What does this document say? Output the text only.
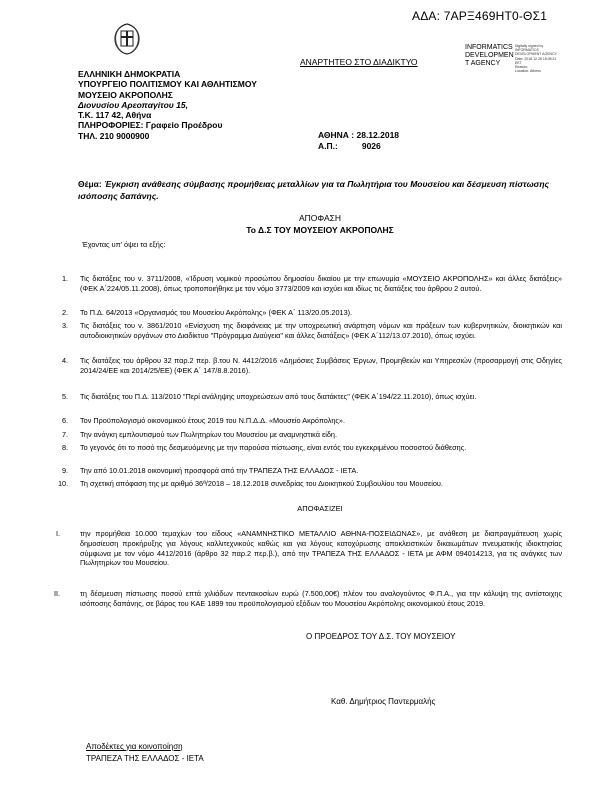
ΑΔΑ: 7ΑΡΞ469ΗΤ0-ΘΣ1
INFORMATICS
DEVELOPMEN
T AGENCY
Digitally signed by
INFORMATICS
DEVELOPMENT AGENCY
Date: 2018.12.28 15:08:21
EET
Reason:
Location: Athens
ΑΝΑΡΤΗΤΕΟ ΣΤΟ ΔΙΑΔΙΚΤΥΟ
ΕΛΛΗΝΙΚΗ ΔΗΜΟΚΡΑΤΙΑ
ΥΠΟΥΡΓΕΙΟ ΠΟΛΙΤΙΣΜΟΥ ΚΑΙ ΑΘΛΗΤΙΣΜΟΥ
ΜΟΥΣΕΙΟ ΑΚΡΟΠΟΛΗΣ
Διονυσίου Αρεοπαγίτου 15,
Τ.Κ. 117 42, Αθήνα
ΠΛΗΡΟΦΟΡΙΕΣ: Γραφείο Προέδρου
ΤΗΛ. 210 9000900	ΑΘΗΝΑ : 28.12.2018
Α.Π.:	9026
Θέμα: Έγκριση ανάθεσης σύμβασης προμήθειας μεταλλίων για τα Πωλητήρια του Μουσείου και δέσμευση πίστωσης ισόποσης δαπάνης.
ΑΠΟΦΑΣΗ
Το Δ.Σ ΤΟΥ ΜΟΥΣΕΙΟΥ ΑΚΡΟΠΟΛΗΣ
Έχοντας υπ' όψει τα εξής:
1. Τις διατάξεις του ν. 3711/2008, «Ίδρυση νομικού προσώπου δημοσίου δικαίου με την επωνυμία «ΜΟΥΣΕΙΟ ΑΚΡΟΠΟΛΗΣ» και άλλες διατάξεις» (ΦΕΚ Α΄224/05.11.2008), όπως τροποποιήθηκε με τον νόμο 3773/2009 και ισχύει και ιδίως τις διατάξεις του άρθρου 2 αυτού.
2. Το Π.Δ. 64/2013 «Οργανισμός του Μουσείου Ακρόπολης» (ΦΕΚ Α΄ 113/20.05.2013).
3. Τις διατάξεις του ν. 3861/2010 «Ενίσχυση της διαφάνειας με την υποχρεωτική ανάρτηση νόμων και πράξεων των κυβερνητικών, διοικητικών και αυτοδιοικητικών οργάνων στο Διαδίκτυο "Πρόγραμμα Διαύγεια" και άλλες διατάξεις» (ΦΕΚ Α΄112/13.07.2010), όπως ισχύει.
4. Τις διατάξεις του άρθρου 32 παρ.2 περ. β.του Ν. 4412/2016 «Δημόσιες Συμβάσεις Έργων, Προμηθειών και Υπηρεσιών (προσαρμογή στις Οδηγίες 2014/24/ΕΕ και 2014/25/ΕΕ) (ΦΕΚ Α΄ 147/8.8.2016).
5. Τις διατάξεις του Π.Δ. 113/2010 "Περί ανάληψης υποχρεώσεων από τους διατάκτες" (ΦΕΚ Α΄194/22.11.2010), όπως ισχύει.
6. Τον Προϋπολογισμό οικονομικού έτους 2019 του Ν.Π.Δ.Δ. «Μουσείο Ακρόπολης».
7. Την ανάγκη εμπλουτισμού των Πωλητηρίων του Μουσείου με αναμνηστικά είδη.
8. Το γεγονός ότι το ποσό της δεσμευόμενης με την παρούσα πίστωσης, είναι εντός του εγκεκριμένου ποσοστού διάθεσης.
9. Την από 10.01.2018 οικονομική προσφορά από την ΤΡΑΠΕΖΑ ΤΗΣ ΕΛΛΑΔΟΣ - ΙΕΤΑ.
10. Τη σχετική απόφαση της με αριθμό 36ª/2018 – 18.12.2018 συνεδρίας του Διοικητικού Συμβουλίου του Μουσείου.
ΑΠΟΦΑΣΙΖΕΙ
I.	την προμήθεια 10.000 τεμαχίων του είδους «ΑΝΑΜΝΗΣΤΙΚΟ ΜΕΤΑΛΛΙΟ ΑΘΗΝΑ-ΠΟΣΕΙΔΩΝΑΣ», με ανάθεση με διαπραγμάτευση χωρίς δημοσίευση προκήρυξης για λόγους καλλιτεχνικούς καθώς και για λόγους κατοχύρωσης αποκλειστικών δικαιωμάτων πνευματικής ιδιοκτησίας σύμφωνα με τον νόμο 4412/2016 (άρθρο 32 παρ.2 περ.β.), από την ΤΡΑΠΕΖΑ ΤΗΣ ΕΛΛΑΔΟΣ - ΙΕΤΑ με ΑΦΜ 094014213, για τις ανάγκες των Πωλητηρίων του Μουσείου.
II.	τη δέσμευση πίστωσης ποσού επτά χιλιάδων πεντακοσίων ευρώ (7.500,00€) πλέον του αναλογούντος Φ.Π.Α., για την κάλυψη της αντίστοιχης ισόποσης δαπάνης, σε βάρος του ΚΑΕ 1899 του προϋπολογισμού εξόδων του Μουσείου Ακρόπολης οικονομικού έτους 2019.
Ο ΠΡΟΕΔΡΟΣ ΤΟΥ Δ.Σ. ΤΟΥ ΜΟΥΣΕΙΟΥ
Καθ. Δημήτριος Παντερμαλής
Αποδέκτες για κοινοποίηση
ΤΡΑΠΕΖΑ ΤΗΣ ΕΛΛΑΔΟΣ - ΙΕΤΑ
